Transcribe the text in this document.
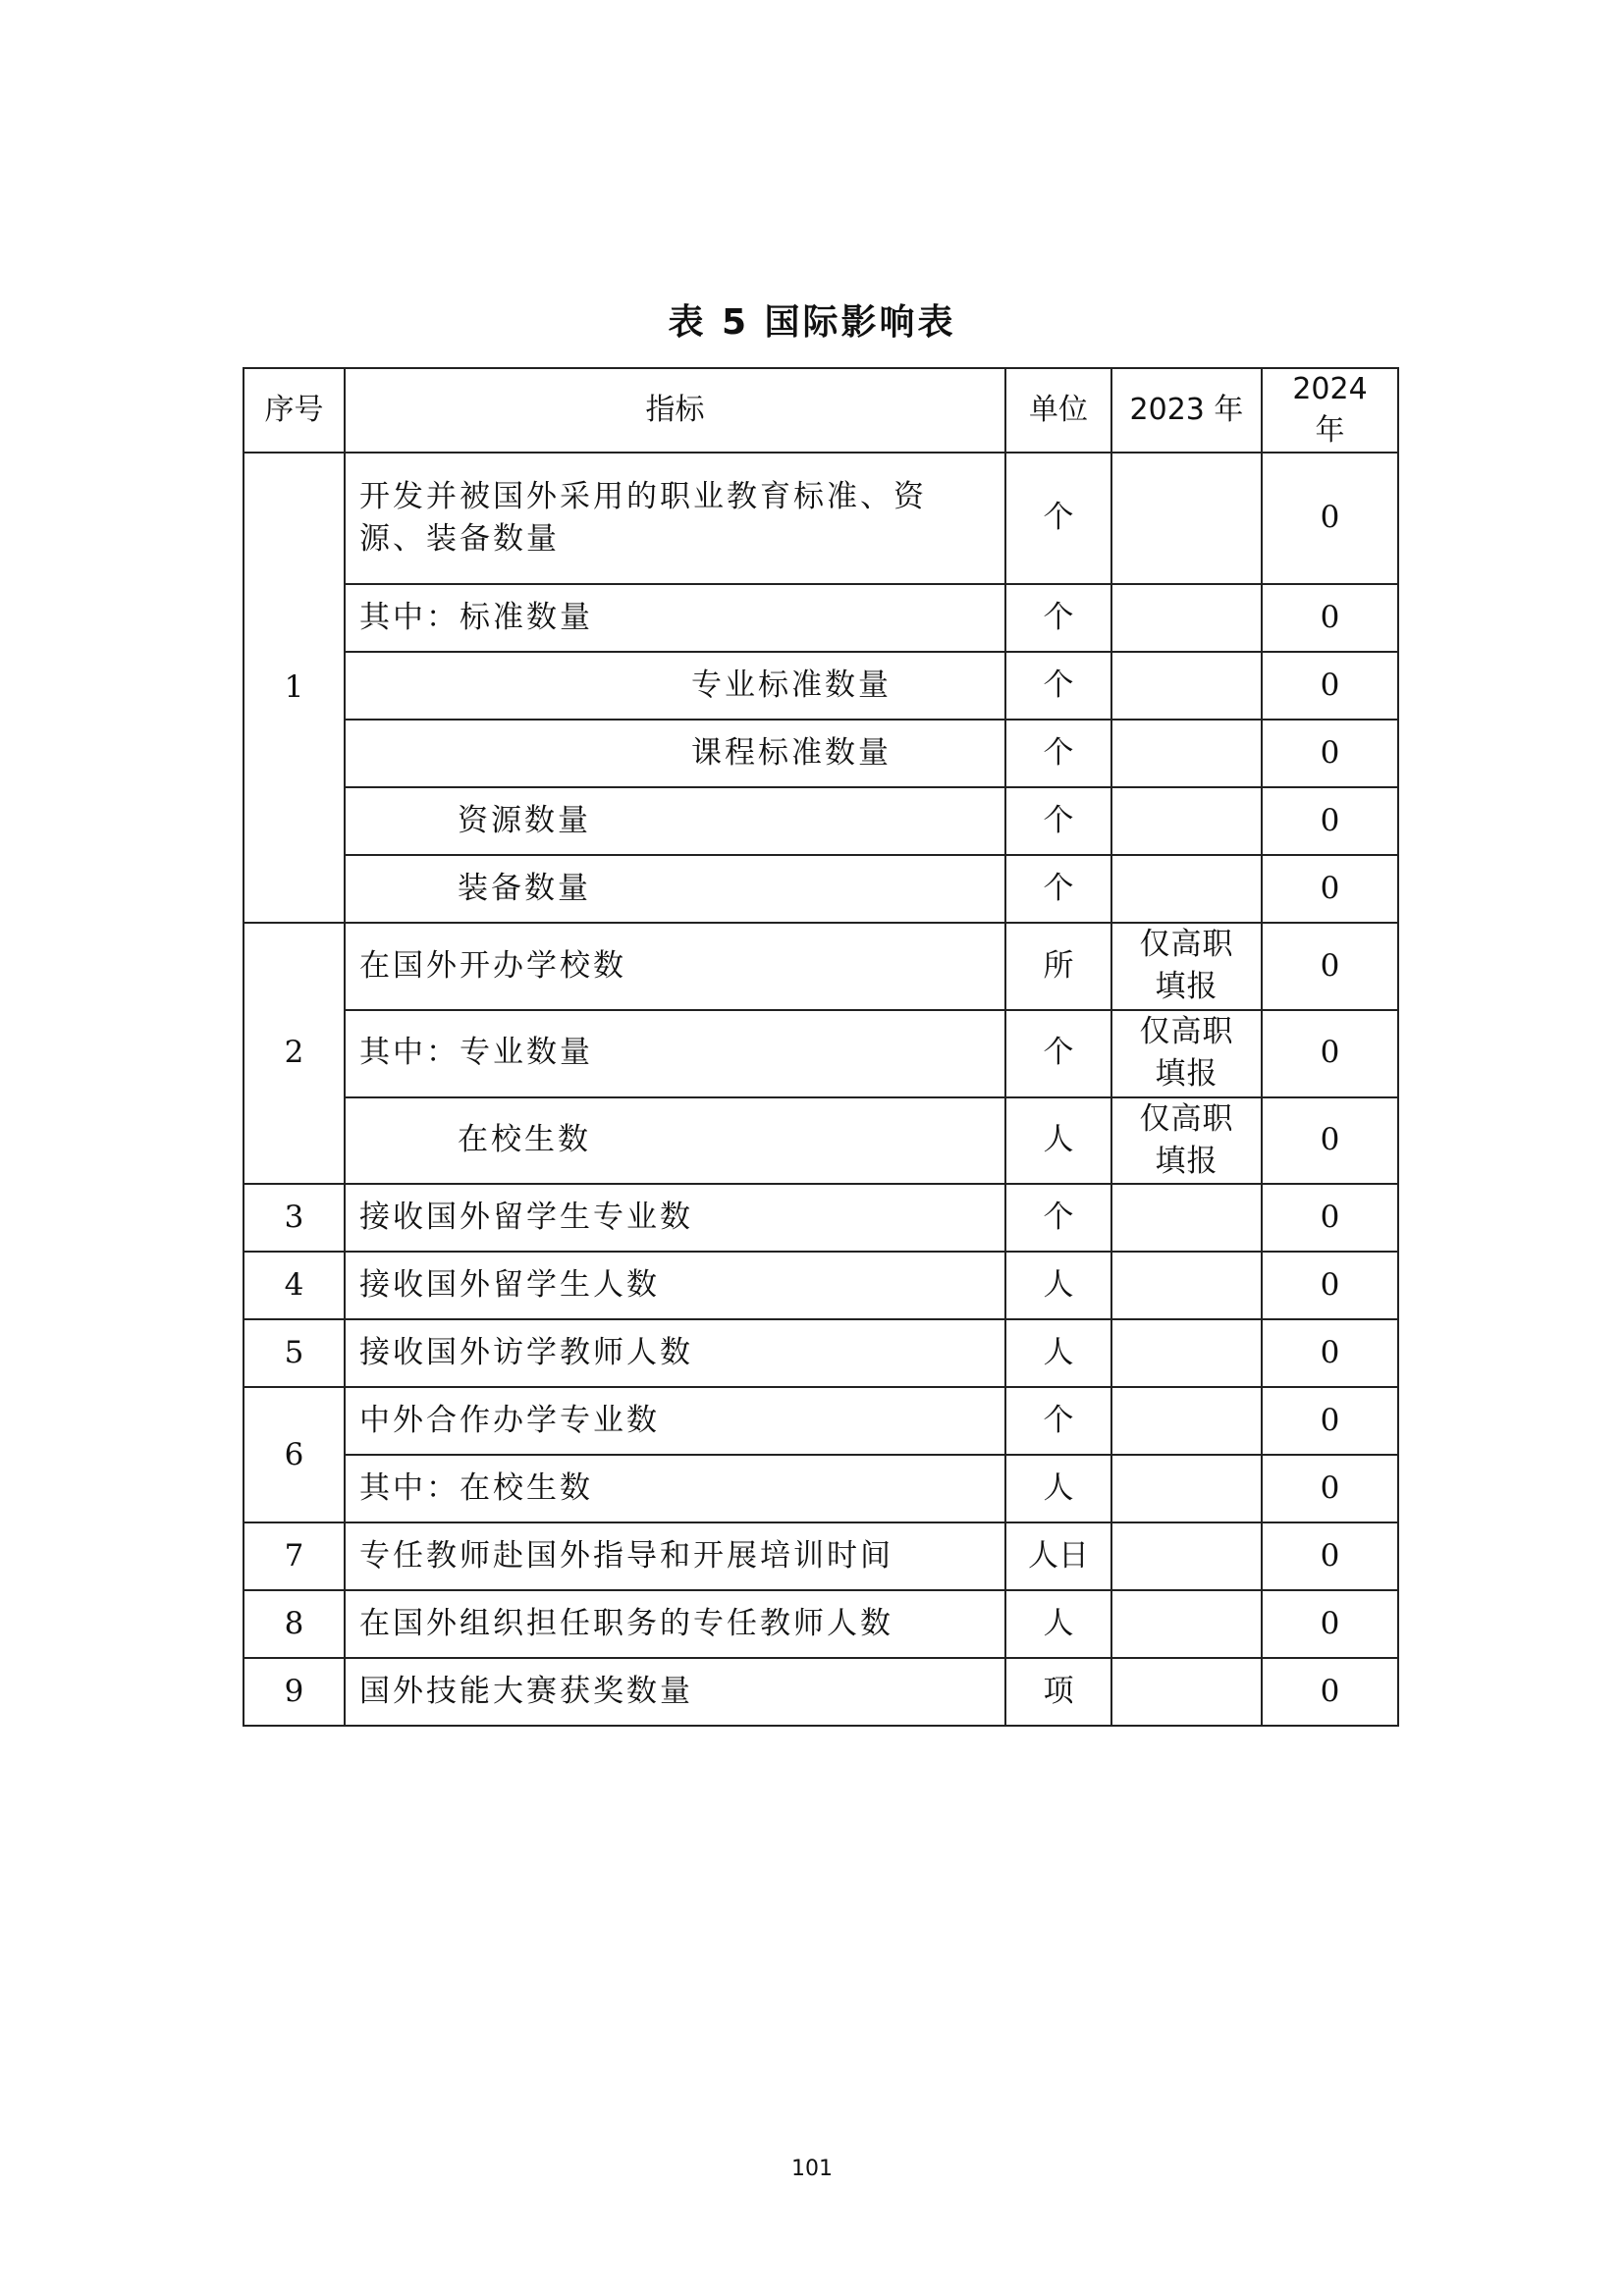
表 5 国际影响表
序号	指标	单位	2023 年	2024 年
1	开发并被国外采用的职业教育标准、资源、装备数量	个		0
	其中：标准数量	个		0
	专业标准数量	个		0
	课程标准数量	个		0
	资源数量	个		0
	装备数量	个		0
2	在国外开办学校数	所	仅高职填报	0
	其中：专业数量	个	仅高职填报	0
	在校生数	人	仅高职填报	0
3	接收国外留学生专业数	个		0
4	接收国外留学生人数	人		0
5	接收国外访学教师人数	人		0
6	中外合作办学专业数	个		0
	其中：在校生数	人		0
7	专任教师赴国外指导和开展培训时间	人日		0
8	在国外组织担任职务的专任教师人数	人		0
9	国外技能大赛获奖数量	项		0
101
